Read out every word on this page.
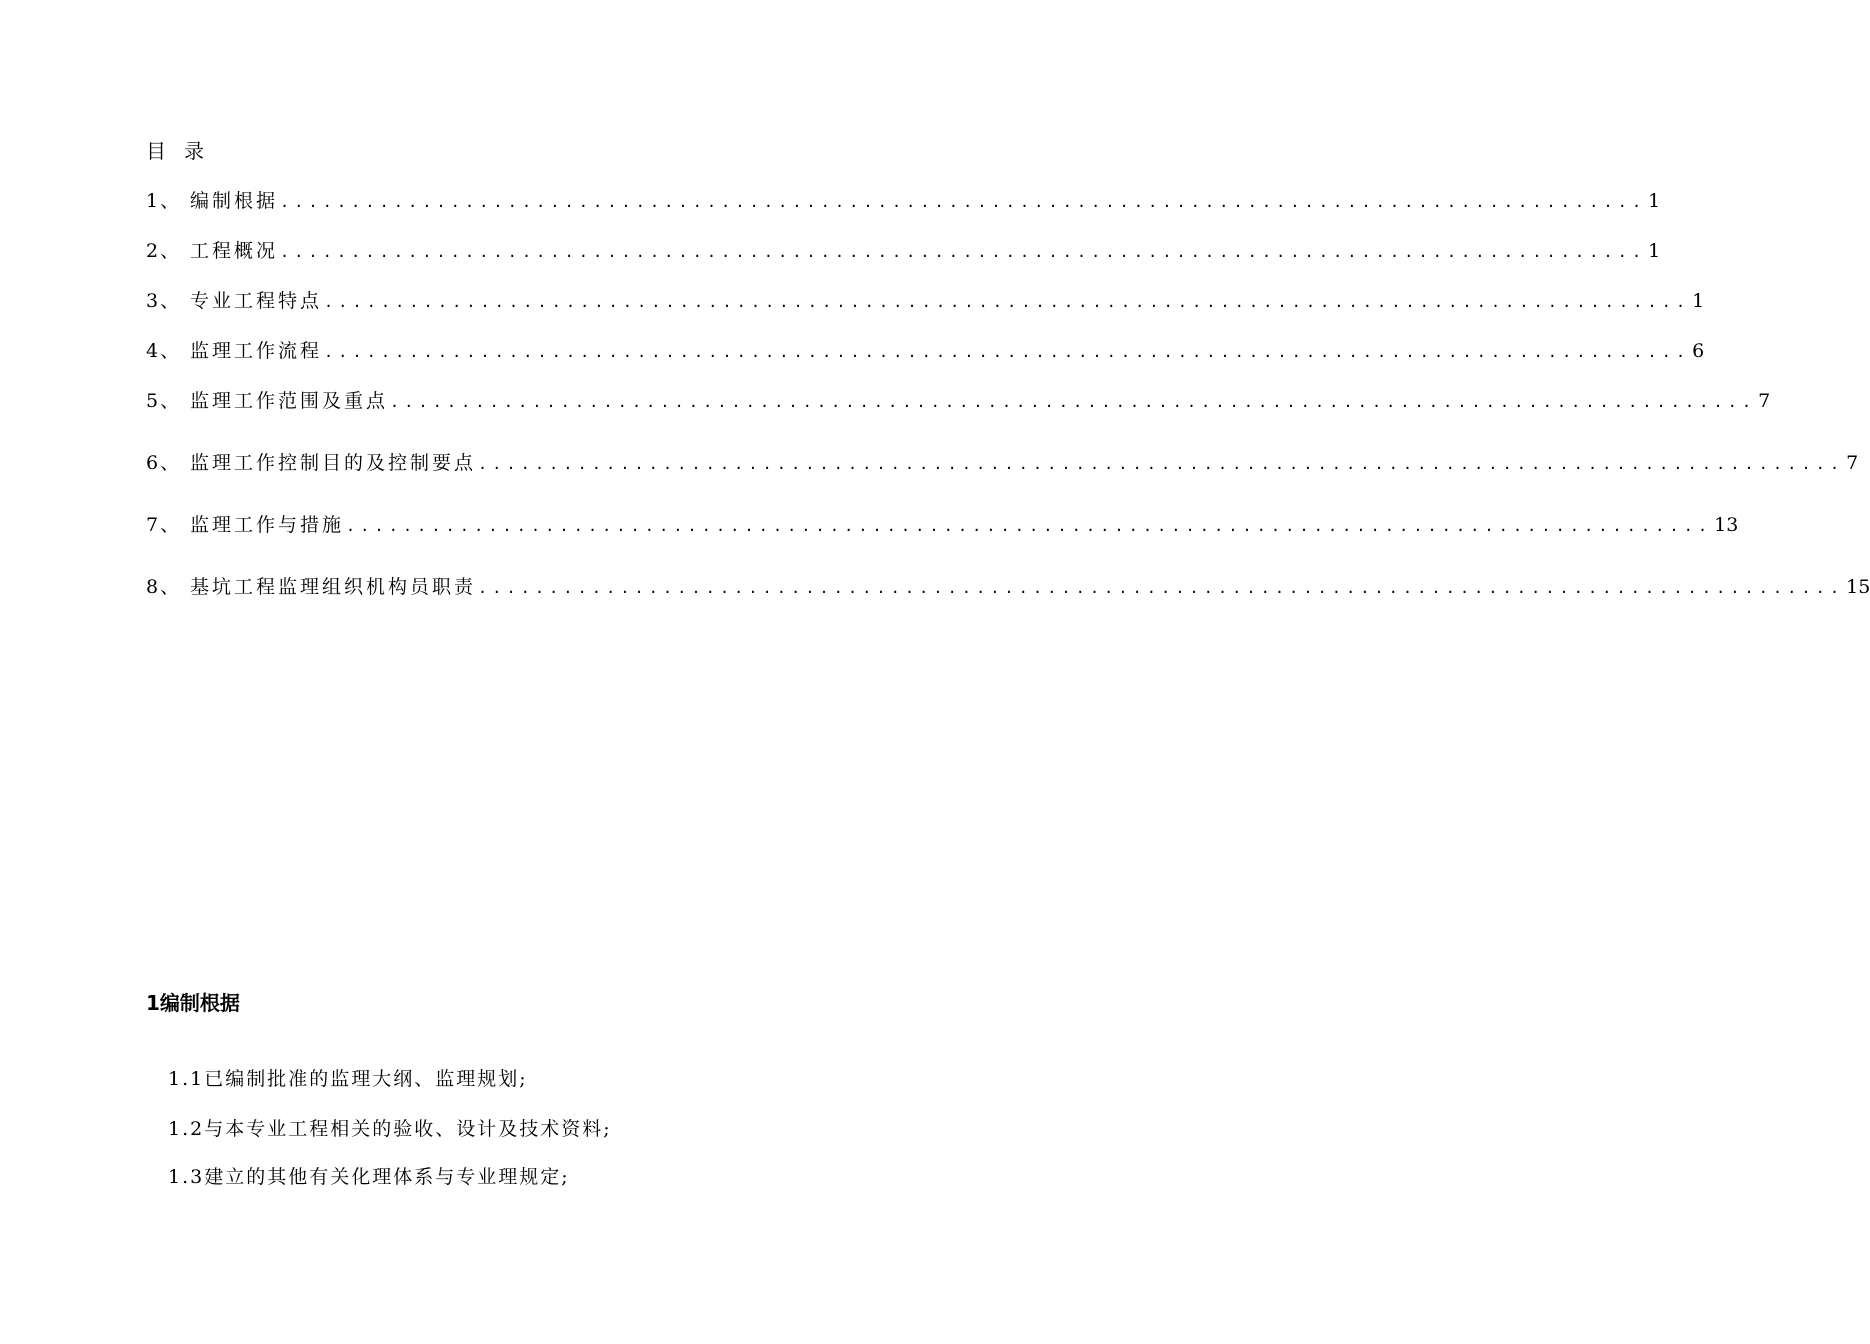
目录
1、 编制根据 ................................................................................................ 1
2、 工程概况 ................................................................................................ 1
3、 专业工程特点 ................................................................................................ 1
4、 监理工作流程 ................................................................................................ 6
5、 监理工作范围及重点 ................................................................................................ 7
6、 监理工作控制目的及控制要点 ................................................................................................ 7
7、 监理工作与措施 ................................................................................................ 13
8、 基坑工程监理组织机构员职责 ................................................................................................ 15
1编制根据
1.1已编制批准的监理大纲、监理规划;
1.2与本专业工程相关的验收、设计及技术资料;
1.3建立的其他有关化理体系与专业理规定;
